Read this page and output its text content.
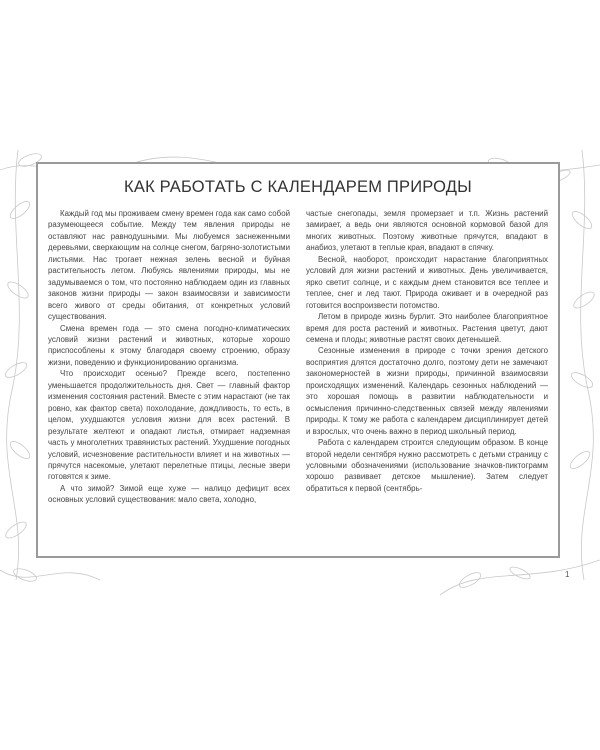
КАК РАБОТАТЬ С КАЛЕНДАРЕМ ПРИРОДЫ

Каждый год мы проживаем смену времен года как само собой разумеющееся событие. Между тем явления природы не оставляют нас равнодушными. Мы любуемся заснеженными деревьями, сверкающим на солнце снегом, багряно-золотистыми листьями. Нас трогает нежная зелень весной и буйная растительность летом. Любуясь явлениями природы, мы не задумываемся о том, что постоянно наблюдаем один из главных законов жизни природы — закон взаимосвязи и зависимости всего живого от среды обитания, от конкретных условий существования.

Смена времен года — это смена погодно-климатических условий жизни растений и животных, которые хорошо приспособлены к этому благодаря своему строению, образу жизни, поведению и функционированию организма.

Что происходит осенью? Прежде всего, постепенно уменьшается продолжительность дня. Свет — главный фактор изменения состояния растений. Вместе с этим нарастают (не так ровно, как фактор света) похолодание, дождливость, то есть, в целом, ухудшаются условия жизни для всех растений. В результате желтеют и опадают листья, отмирает надземная часть у многолетних травянистых растений. Ухудшение погодных условий, исчезновение растительности влияет и на животных — прячутся насекомые, улетают перелетные птицы, лесные звери готовятся к зиме.

А что зимой? Зимой еще хуже — налицо дефицит всех основных условий существования: мало света, холодно,

частые снегопады, земля промерзает и т.п. Жизнь растений замирает, а ведь они являются основной кормовой базой для многих животных. Поэтому животные прячутся, впадают в анабиоз, улетают в теплые края, впадают в спячку.

Весной, наоборот, происходит нарастание благоприятных условий для жизни растений и животных. День увеличивается, ярко светит солнце, и с каждым днем становится все теплее и теплее, снег и лед тают. Природа оживает и в очередной раз готовится воспроизвести потомство.

Летом в природе жизнь бурлит. Это наиболее благоприятное время для роста растений и животных. Растения цветут, дают семена и плоды; животные растят своих детенышей.

Сезонные изменения в природе с точки зрения детского восприятия длятся достаточно долго, поэтому дети не замечают закономерностей в жизни природы, причинной взаимосвязи происходящих изменений. Календарь сезонных наблюдений — это хорошая помощь в развитии наблюдательности и осмысления причинно-следственных связей между явлениями природы. К тому же работа с календарем дисциплинирует детей и взрослых, что очень важно в период школьный период.

Работа с календарем строится следующим образом. В конце второй недели сентября нужно рассмотреть с детьми страницу с условными обозначениями (использование значков-пиктограмм хорошо развивает детское мышление). Затем следует обратиться к первой (сентябрь-

1
